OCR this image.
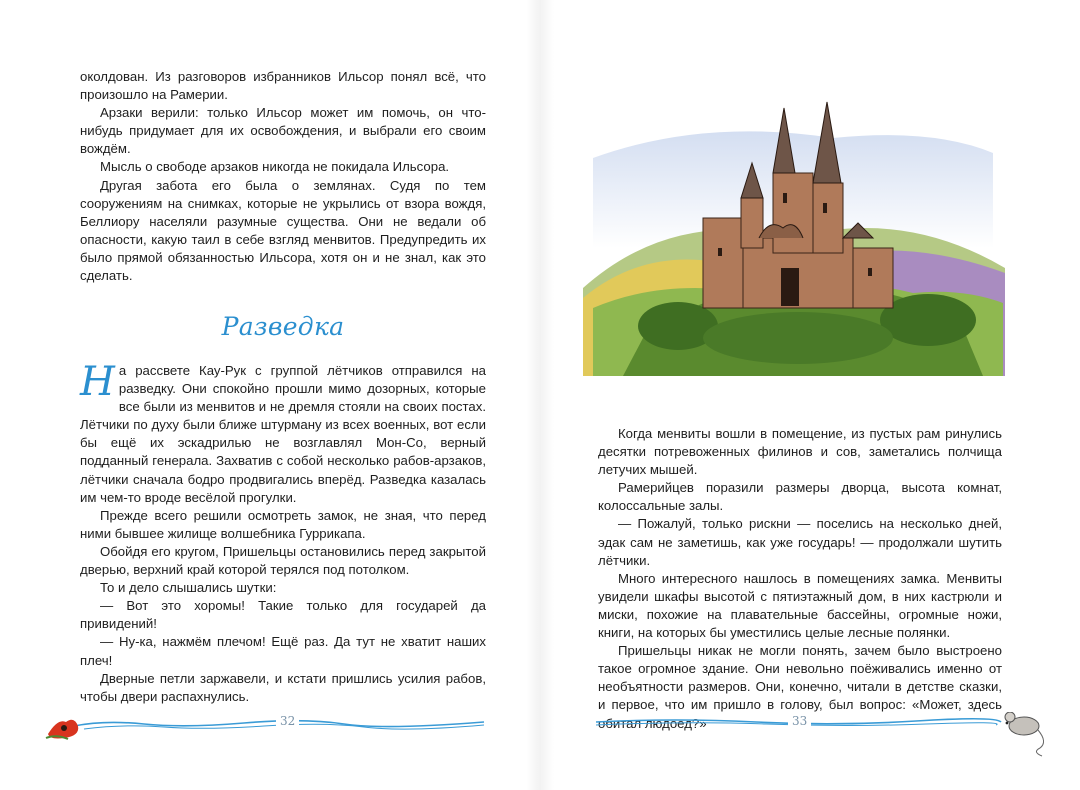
околдован. Из разговоров избранников Ильсор понял всё, что произошло на Рамерии.

Арзаки верили: только Ильсор может им помочь, он что-нибудь придумает для их освобождения, и выбрали его своим вождём.

Мысль о свободе арзаков никогда не покидала Ильсора.

Другая забота его была о землянах. Судя по тем сооружениям на снимках, которые не укрылись от взора вождя, Беллиору населяли разумные существа. Они не ведали об опасности, какую таил в себе взгляд менвитов. Предупредить их было прямой обязанностью Ильсора, хотя он и не знал, как это сделать.

Разведка

На рассвете Кау-Рук с группой лётчиков отправился на разведку. Они спокойно прошли мимо дозорных, которые все были из менвитов и не дремля стояли на своих постах. Лётчики по духу были ближе штурману из всех военных, вот если бы ещё их эскадрилью не возглавлял Мон-Со, верный подданный генерала. Захватив с собой несколько рабов-арзаков, лётчики сначала бодро продвигались вперёд. Разведка казалась им чем-то вроде весёлой прогулки.

Прежде всего решили осмотреть замок, не зная, что перед ними бывшее жилище волшебника Гуррикапа.

Обойдя его кругом, Пришельцы остановились перед закрытой дверью, верхний край которой терялся под потолком.

То и дело слышались шутки:

— Вот это хоромы! Такие только для государей да привидений!

— Ну-ка, нажмём плечом! Ещё раз. Да тут не хватит наших плеч!

Дверные петли заржавели, и кстати пришлись усилия рабов, чтобы двери распахнулись.

32

Когда менвиты вошли в помещение, из пустых рам ринулись десятки потревоженных филинов и сов, заметались полчища летучих мышей.

Рамерийцев поразили размеры дворца, высота комнат, колоссальные залы.

— Пожалуй, только рискни — поселись на несколько дней, эдак сам не заметишь, как уже государь! — продолжали шутить лётчики.

Много интересного нашлось в помещениях замка. Менвиты увидели шкафы высотой с пятиэтажный дом, в них кастрюли и миски, похожие на плавательные бассейны, огромные ножи, книги, на которых бы уместились целые лесные полянки.

Пришельцы никак не могли понять, зачем было выстроено такое огромное здание. Они невольно поёживались именно от необъятности размеров. Они, конечно, читали в детстве сказки, и первое, что им пришло в голову, был вопрос: «Может, здесь обитал людоед?»	33
